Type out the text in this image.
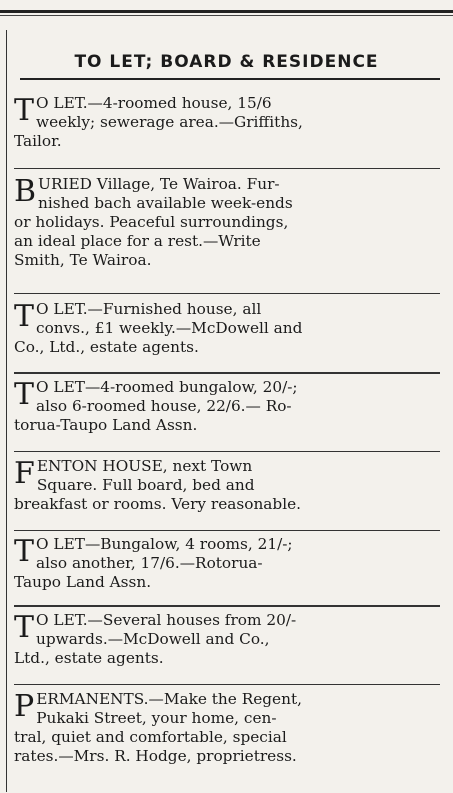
TO LET; BOARD & RESIDENCE
T O LET.—4-roomed house, 15/6
weekly; sewerage area.—Griffiths,
Tailor.
B URIED Village, Te Wairoa. Fur-
nished bach available week-ends
or holidays. Peaceful surroundings,
an ideal place for a rest.—Write
Smith, Te Wairoa.
T O LET.—Furnished house, all
convs., £1 weekly.—McDowell and
Co., Ltd., estate agents.
T O LET—4-roomed bungalow, 20/-;
also 6-roomed house, 22/6.— Ro-
torua-Taupo Land Assn.
F ENTON HOUSE, next Town
Square. Full board, bed and
breakfast or rooms. Very reasonable.
T O LET—Bungalow, 4 rooms, 21/-;
also another, 17/6.—Rotorua-
Taupo Land Assn.
T O LET.—Several houses from 20/-
upwards.—McDowell and Co.,
Ltd., estate agents.
P ERMANENTS.—Make the Regent,
Pukaki Street, your home, cen-
tral, quiet and comfortable, special
rates.—Mrs. R. Hodge, proprietress.
